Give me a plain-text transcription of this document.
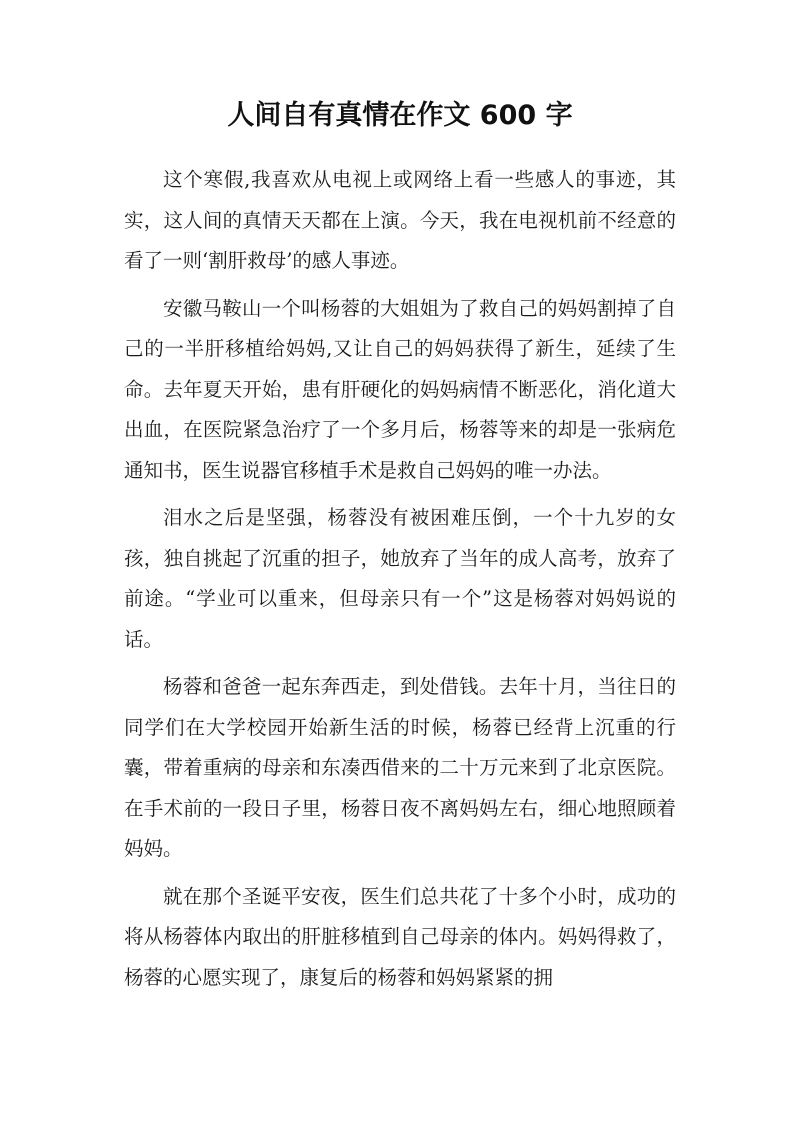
人间自有真情在作文 600 字

这个寒假,我喜欢从电视上或网络上看一些感人的事迹，其实，这人间的真情天天都在上演。今天，我在电视机前不经意的看了一则‘割肝救母’的感人事迹。

安徽马鞍山一个叫杨蓉的大姐姐为了救自己的妈妈割掉了自己的一半肝移植给妈妈,又让自己的妈妈获得了新生，延续了生命。去年夏天开始，患有肝硬化的妈妈病情不断恶化，消化道大出血，在医院紧急治疗了一个多月后，杨蓉等来的却是一张病危通知书，医生说器官移植手术是救自己妈妈的唯一办法。

泪水之后是坚强，杨蓉没有被困难压倒，一个十九岁的女孩，独自挑起了沉重的担子，她放弃了当年的成人高考，放弃了前途。“学业可以重来，但母亲只有一个”这是杨蓉对妈妈说的话。

杨蓉和爸爸一起东奔西走，到处借钱。去年十月，当往日的同学们在大学校园开始新生活的时候，杨蓉已经背上沉重的行囊，带着重病的母亲和东凑西借来的二十万元来到了北京医院。在手术前的一段日子里，杨蓉日夜不离妈妈左右，细心地照顾着妈妈。

就在那个圣诞平安夜，医生们总共花了十多个小时，成功的将从杨蓉体内取出的肝脏移植到自己母亲的体内。妈妈得救了，杨蓉的心愿实现了，康复后的杨蓉和妈妈紧紧的拥
